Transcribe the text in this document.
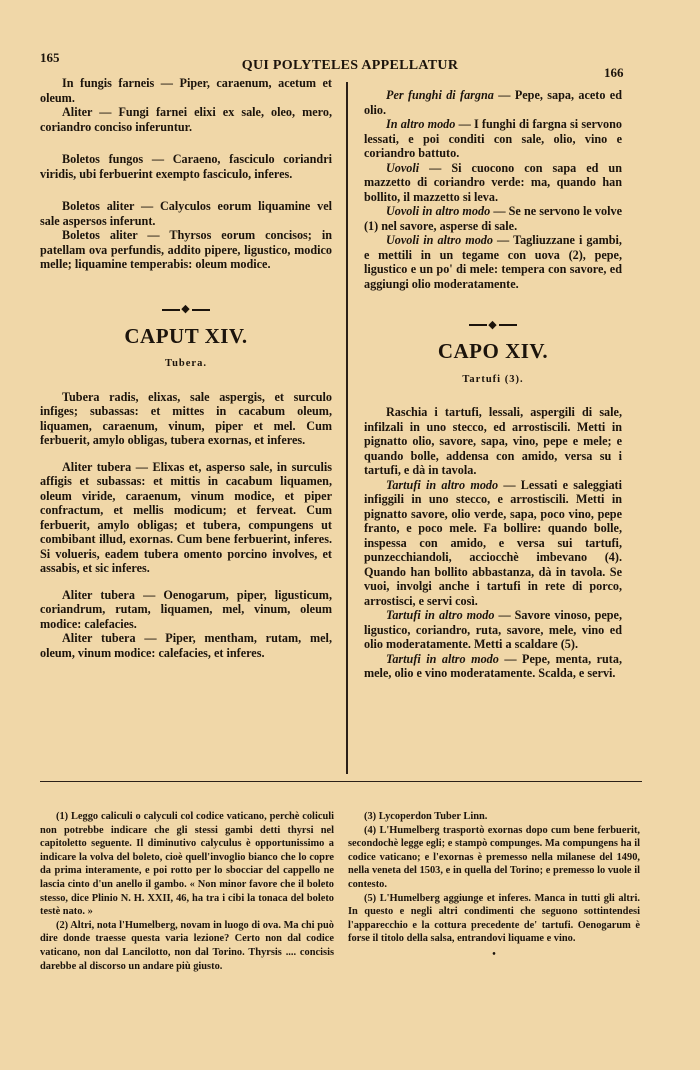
165
QUI POLYTELES APPELLATUR	166

In fungis farneis — Piper, caraenum, acetum et oleum.

Aliter — Fungi farnei elixi ex sale, oleo, mero, coriandro conciso inferuntur.

Boletos fungos — Caraeno, fasciculo coriandri viridis, ubi ferbuerint exempto fasciculo, inferes.

Boletos aliter — Calyculos eorum liquamine vel sale aspersos inferunt.

Boletos aliter — Thyrsos eorum concisos; in patellam ova perfundis, addito pipere, ligustico, modico melle; liquamine temperabis: oleum modice.

◆
CAPUT XIV.
Tubera.

Tubera radis, elixas, sale aspergis, et surculo infiges; subassas: et mittes in cacabum oleum, liquamen, caraenum, vinum, piper et mel. Cum ferbuerit, amylo obligas, tubera exornas, et inferes.

Aliter tubera — Elixas et, asperso sale, in surculis affigis et subassas: et mittis in cacabum liquamen, oleum viride, caraenum, vinum modice, et piper confractum, et mellis modicum; et ferveat. Cum ferbuerit, amylo obligas; et tubera, compungens ut combibant illud, exornas. Cum bene ferbuerint, inferes. Si volueris, eadem tubera omento porcino involves, et assabis, et sic inferes.

Aliter tubera — Oenogarum, piper, ligusticum, coriandrum, rutam, liquamen, mel, vinum, oleum modice: calefacies.

Aliter tubera — Piper, mentham, rutam, mel, oleum, vinum modice: calefacies, et inferes.

Per funghi di fargna — Pepe, sapa, aceto ed olio.

In altro modo — I funghi di fargna si servono lessati, e poi conditi con sale, olio, vino e coriandro battuto.

Uovoli — Si cuocono con sapa ed un mazzetto di coriandro verde: ma, quando han bollito, il mazzetto si leva.

Uovoli in altro modo — Se ne servono le volve (1) nel savore, asperse di sale.

Uovoli in altro modo — Tagliuzzane i gambi, e mettili in un tegame con uova (2), pepe, ligustico e un po' di mele: tempera con savore, ed aggiungi olio moderatamente.

◆
CAPO XIV.
Tartufi (3).

Raschia i tartufi, lessali, aspergili di sale, infilzali in uno stecco, ed arrostiscili. Metti in pignatto olio, savore, sapa, vino, pepe e mele; e quando bolle, addensa con amido, versa su i tartufi, e dà in tavola.

Tartufi in altro modo — Lessati e saleggiati infiggili in uno stecco, e arrostiscili. Metti in pignatto savore, olio verde, sapa, poco vino, pepe franto, e poco mele. Fa bollire: quando bolle, inspessa con amido, e versa sui tartufi, punzecchiandoli, acciocchè imbevano (4). Quando han bollito abbastanza, dà in tavola. Se vuoi, involgi anche i tartufi in rete di porco, arrostisci, e servi così.

Tartufi in altro modo — Savore vinoso, pepe, ligustico, coriandro, ruta, savore, mele, vino ed olio moderatamente. Metti a scaldare (5).

Tartufi in altro modo — Pepe, menta, ruta, mele, olio e vino moderatamente. Scalda, e servi.

(1) Leggo caliculi o calyculi col codice vaticano, perchè coliculi non potrebbe indicare che gli stessi gambi detti thyrsi nel capitoletto seguente. Il diminutivo calyculus è opportunissimo a indicare la volva del boleto, cioè quell'invoglio bianco che lo copre da prima interamente, e poi rotto per lo sbocciar del cappello ne lascia cinto d'un anello il gambo. « Non minor favore che il boleto stesso, dice Plinio N. H. XXII, 46, ha tra i cibi la tonaca del boleto testè nato. »

(2) Altri, nota l'Humelberg, novam in luogo di ova. Ma chi può dire donde traesse questa varia lezione? Certo non dal codice vaticano, non dal Lancilotto, non dal Torino. Thyrsis .... concisis darebbe al discorso un andare più giusto.

(3) Lycoperdon Tuber Linn.

(4) L'Humelberg trasportò exornas dopo cum bene ferbuerit, secondochè legge egli; e stampò compunges. Ma compungens ha il codice vaticano; e l'exornas è premesso nella milanese del 1490, nella veneta del 1503, e in quella del Torino; e premesso lo vuole il contesto.

(5) L'Humelberg aggiunge et inferes. Manca in tutti gli altri. In questo e negli altri condimenti che seguono sottintendesi l'apparecchio e la cottura precedente de' tartufi. Oenogarum è forse il titolo della salsa, entrandovi liquame e vino.

•
